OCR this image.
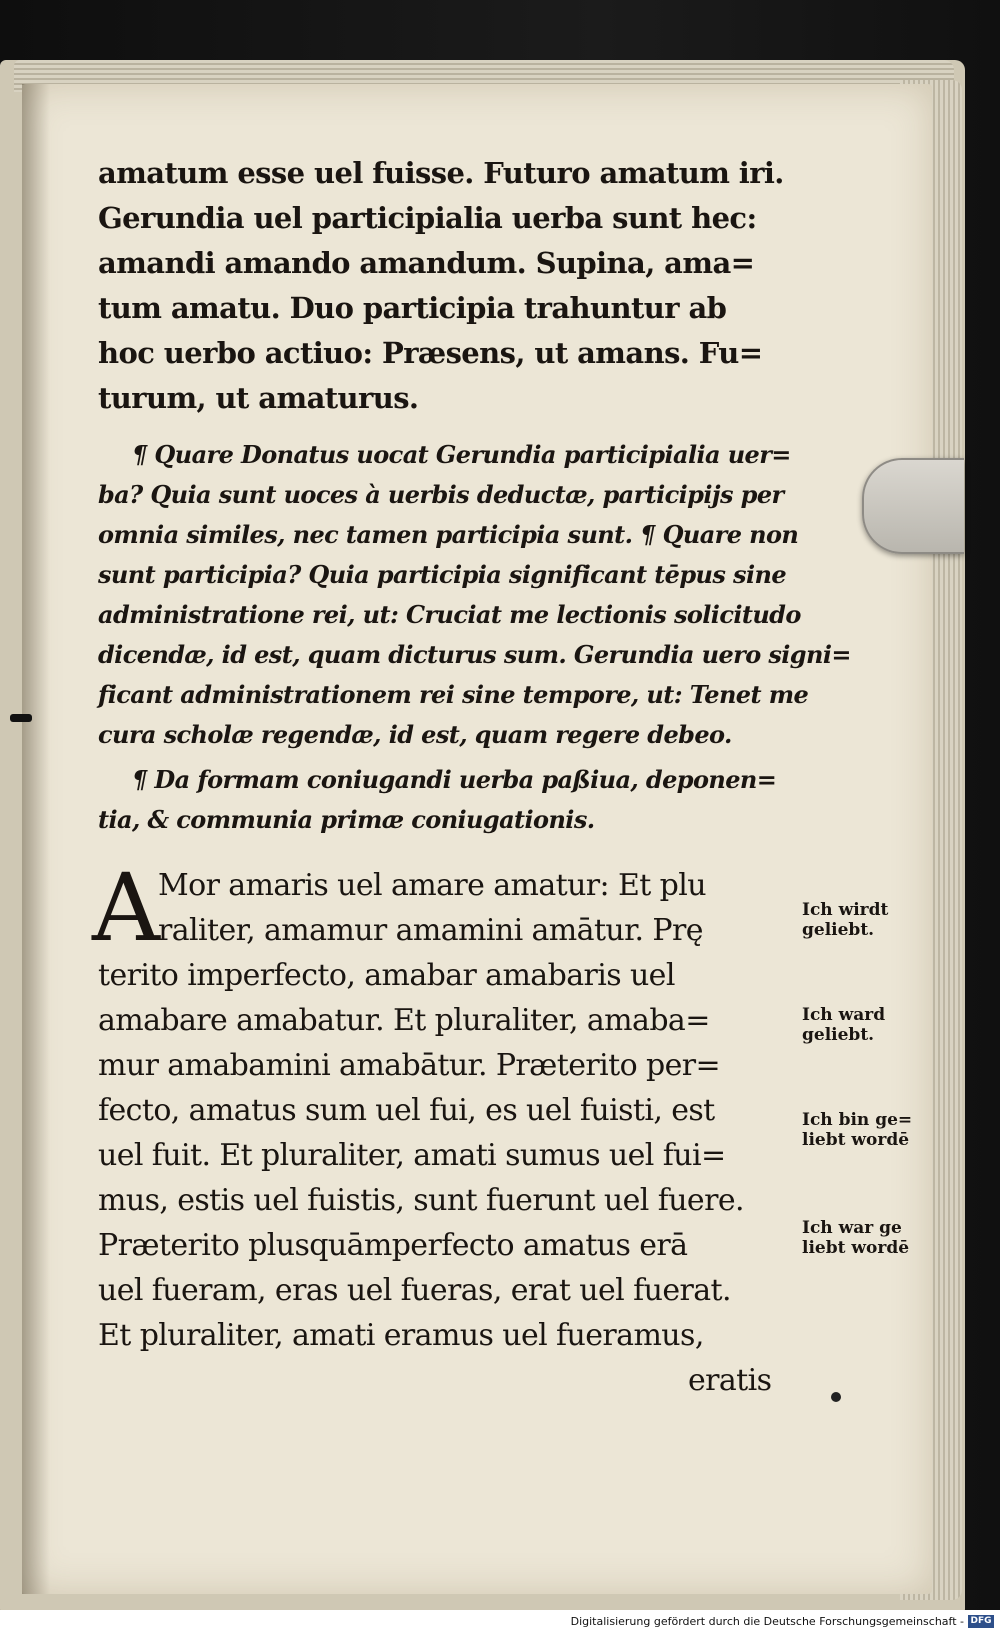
amatum esse uel fuisse. Futuro amatum iri.
Gerundia uel participialia uerba sunt hec:
amandi amando amandum. Supina, ama=
tum amatu. Duo participia trahuntur ab
hoc uerbo actiuo: Præsens, ut amans. Fu=
turum, ut amaturus.
¶ Quare Donatus uocat Gerundia participialia uer=
ba? Quia sunt uoces à uerbis deductæ, participijs per
omnia similes, nec tamen participia sunt. ¶ Quare non
sunt participia? Quia participia significant tēpus sine
administratione rei, ut: Cruciat me lectionis solicitudo
dicendæ, id est, quam dicturus sum. Gerundia uero signi=
ficant administrationem rei sine tempore, ut: Tenet me
cura scholæ regendæ, id est, quam regere debeo.
¶ Da formam coniugandi uerba paßiua, deponen=
tia, & communia primæ coniugationis.
A
Mor amaris uel amare amatur: Et plu
raliter, amamur amamini amātur. Prę
terito imperfecto, amabar amabaris uel
amabare amabatur. Et pluraliter, amaba=
mur amabamini amabātur. Præterito per=
fecto, amatus sum uel fui, es uel fuisti, est
uel fuit. Et pluraliter, amati sumus uel fui=
mus, estis uel fuistis, sunt fuerunt uel fuere.
Præterito plusquāmperfecto amatus erā
uel fueram, eras uel fueras, erat uel fuerat.
Et pluraliter, amati eramus uel fueramus,
eratis
Ich wirdt
geliebt.
Ich ward
geliebt.
Ich bin ge=
liebt wordē
Ich war ge
liebt wordē
Digitalisierung gefördert durch die Deutsche Forschungsgemeinschaft - DFG
